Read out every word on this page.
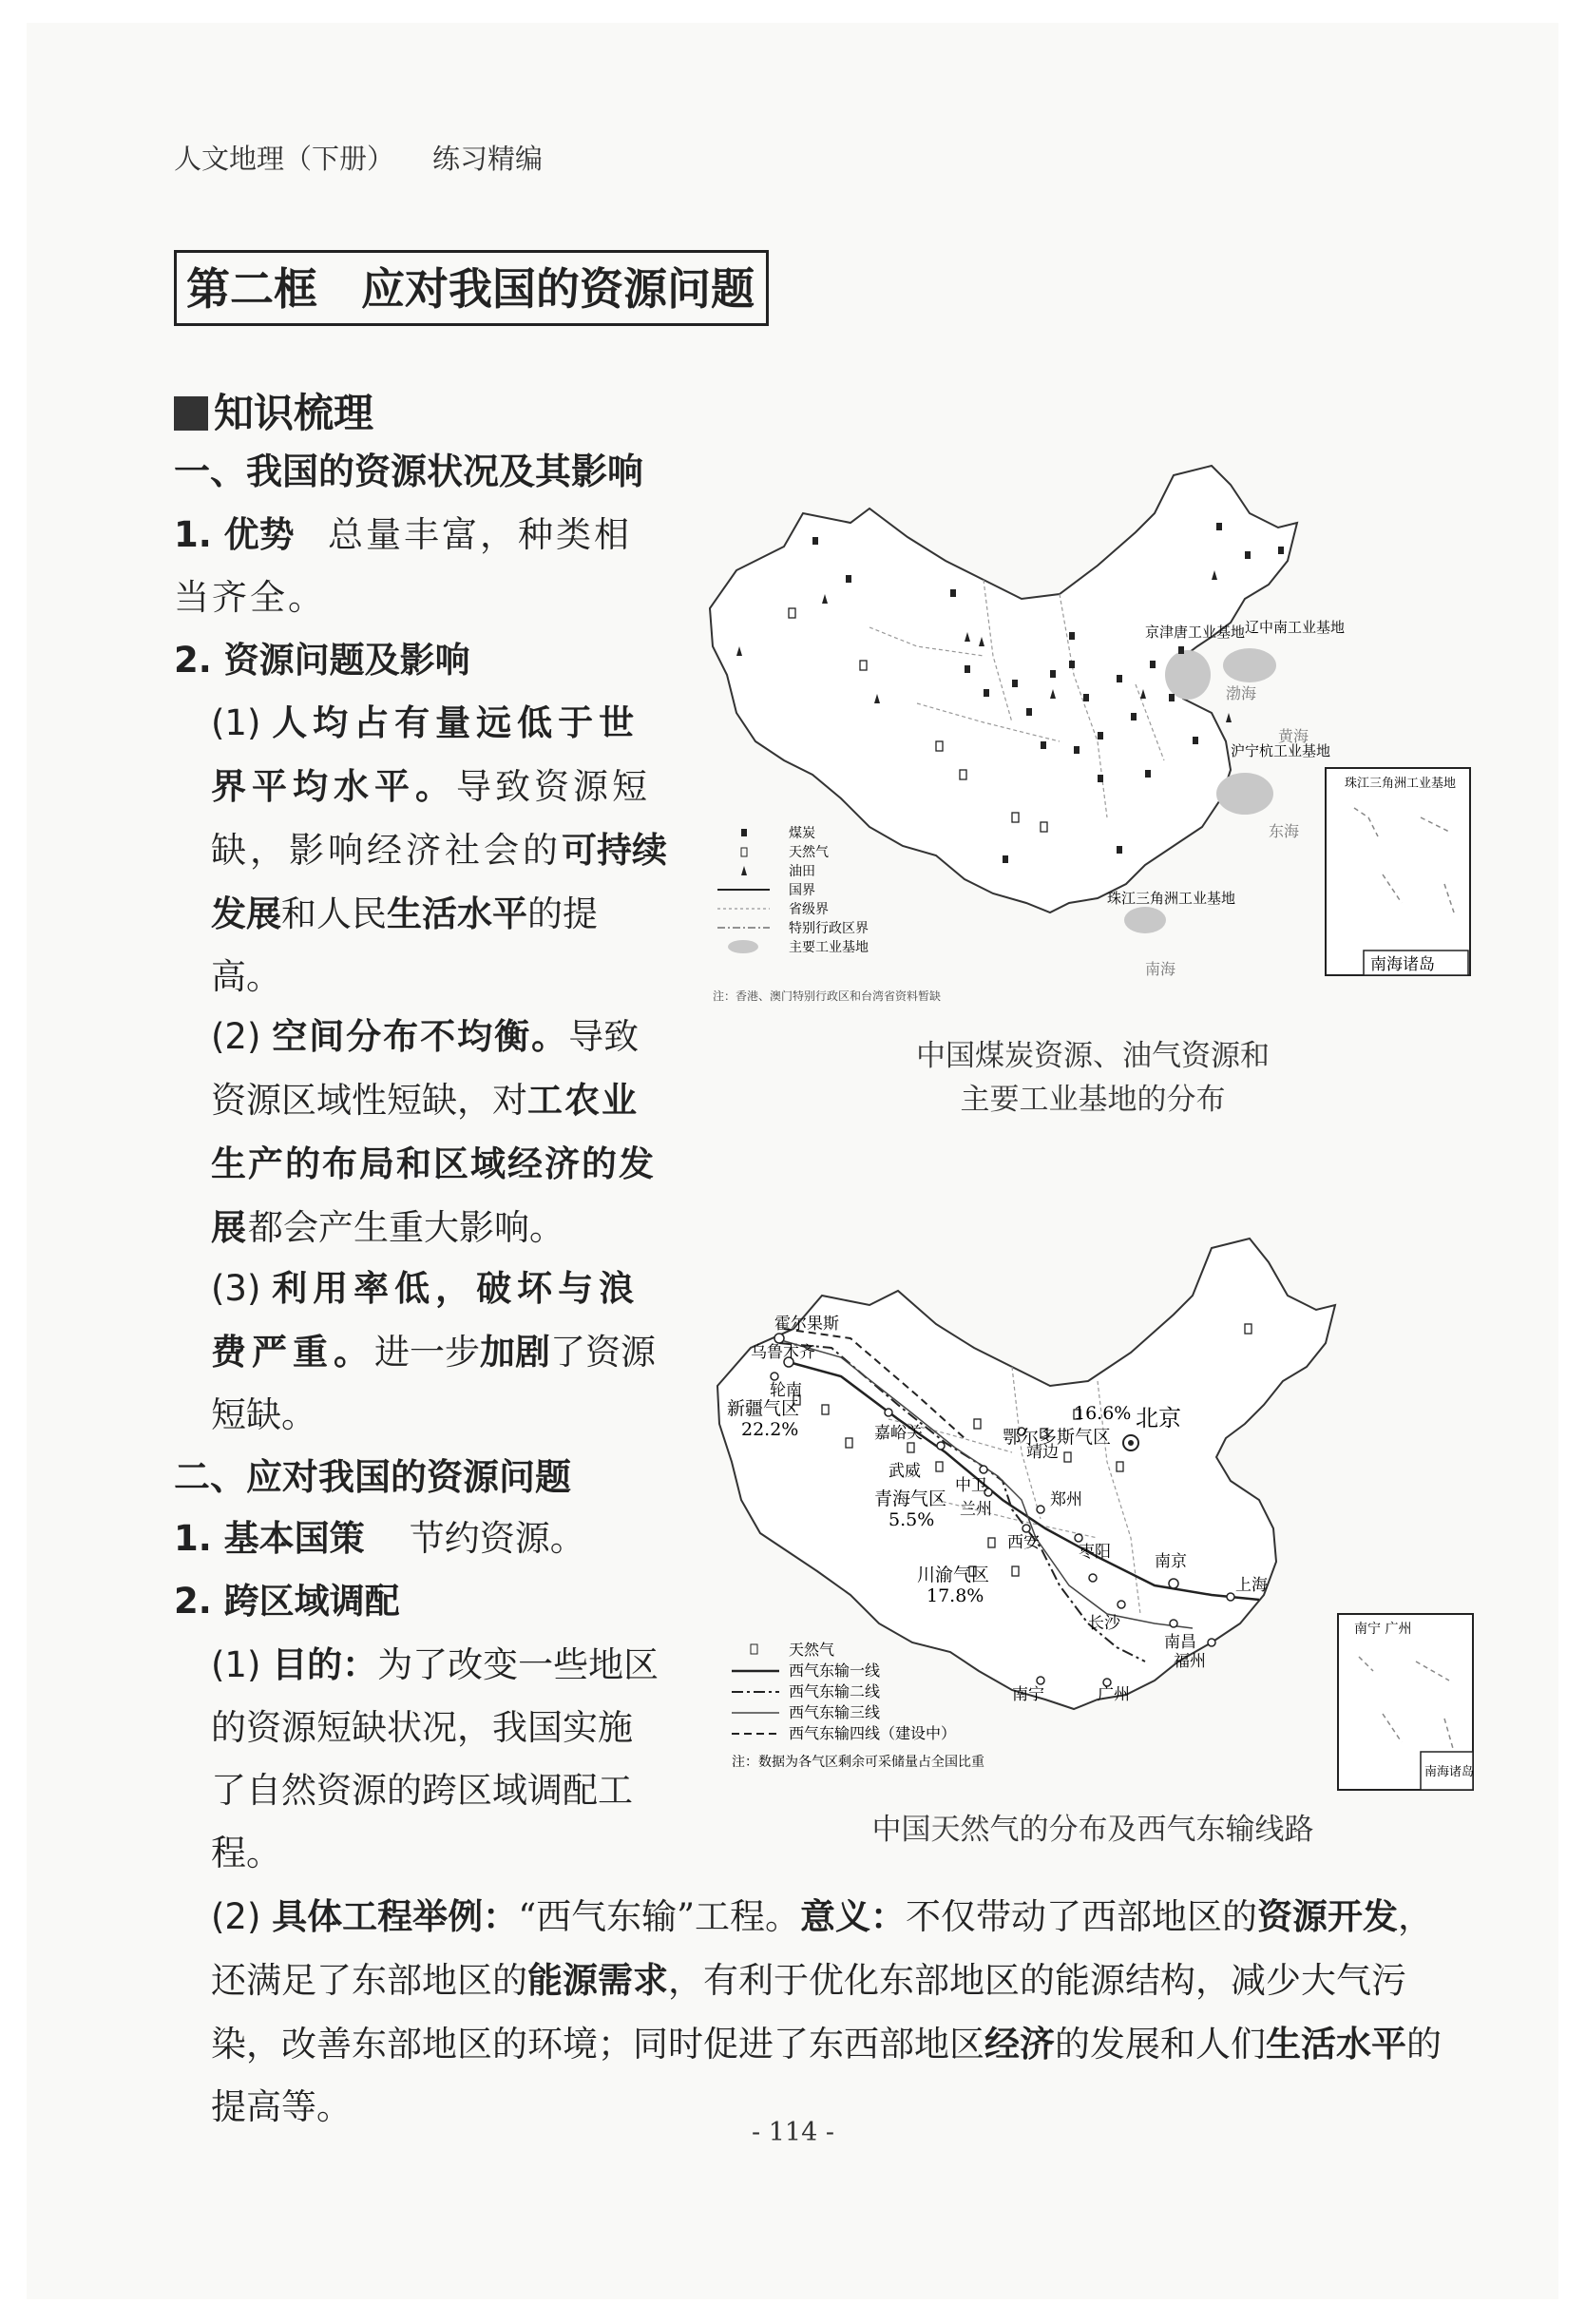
人文地理（下册） 练习精编
第二框 应对我国的资源问题
知识梳理
一、我国的资源状况及其影响
1. 优势 总量丰富，种类相当齐全。
2. 资源问题及影响
(1) 人均占有量远低于世界平均水平。导致资源短缺，影响经济社会的可持续发展和人民生活水平的提高。
(2) 空间分布不均衡。导致资源区域性短缺，对工农业生产的布局和区域经济的发展都会产生重大影响。
(3) 利用率低，破坏与浪费严重。进一步加剧了资源短缺。
二、应对我国的资源问题
1. 基本国策 节约资源。
2. 跨区域调配
(1) 目的：为了改变一些地区的资源短缺状况，我国实施了自然资源的跨区域调配工程。
(2) 具体工程举例：“西气东输”工程。意义：不仅带动了西部地区的资源开发，还满足了东部地区的能源需求，有利于优化东部地区的能源结构，减少大气污染，改善东部地区的环境；同时促进了东西部地区经济的发展和人们生活水平的提高等。
辽中南工业基地
京津唐工业基地
沪宁杭工业基地
珠江三角洲工业基地
渤海
黄海
东海
南海
珠江三角洲工业基地
南海诸岛
煤炭
天然气
油田
国界
省级界
特别行政区界
主要工业基地
注：香港、澳门特别行政区和台湾省资料暂缺
中国煤炭资源、油气资源和
主要工业基地的分布
霍尔果斯
乌鲁木齐
轮南
嘉峪关
武威
中卫
兰州
靖边
北京
郑州
西安 枣阳	南京
上海
长沙
南昌
福州
南宁	广州
新疆气区
22.2%
青海气区
5.5%
川渝气区
17.8%
鄂尔多斯气区
16.6%
南宁 广州
南海诸岛
天然气
西气东输一线
西气东输二线
西气东输三线
西气东输四线（建设中）
注：数据为各气区剩余可采储量占全国比重
中国天然气的分布及西气东输线路
- 114 -
